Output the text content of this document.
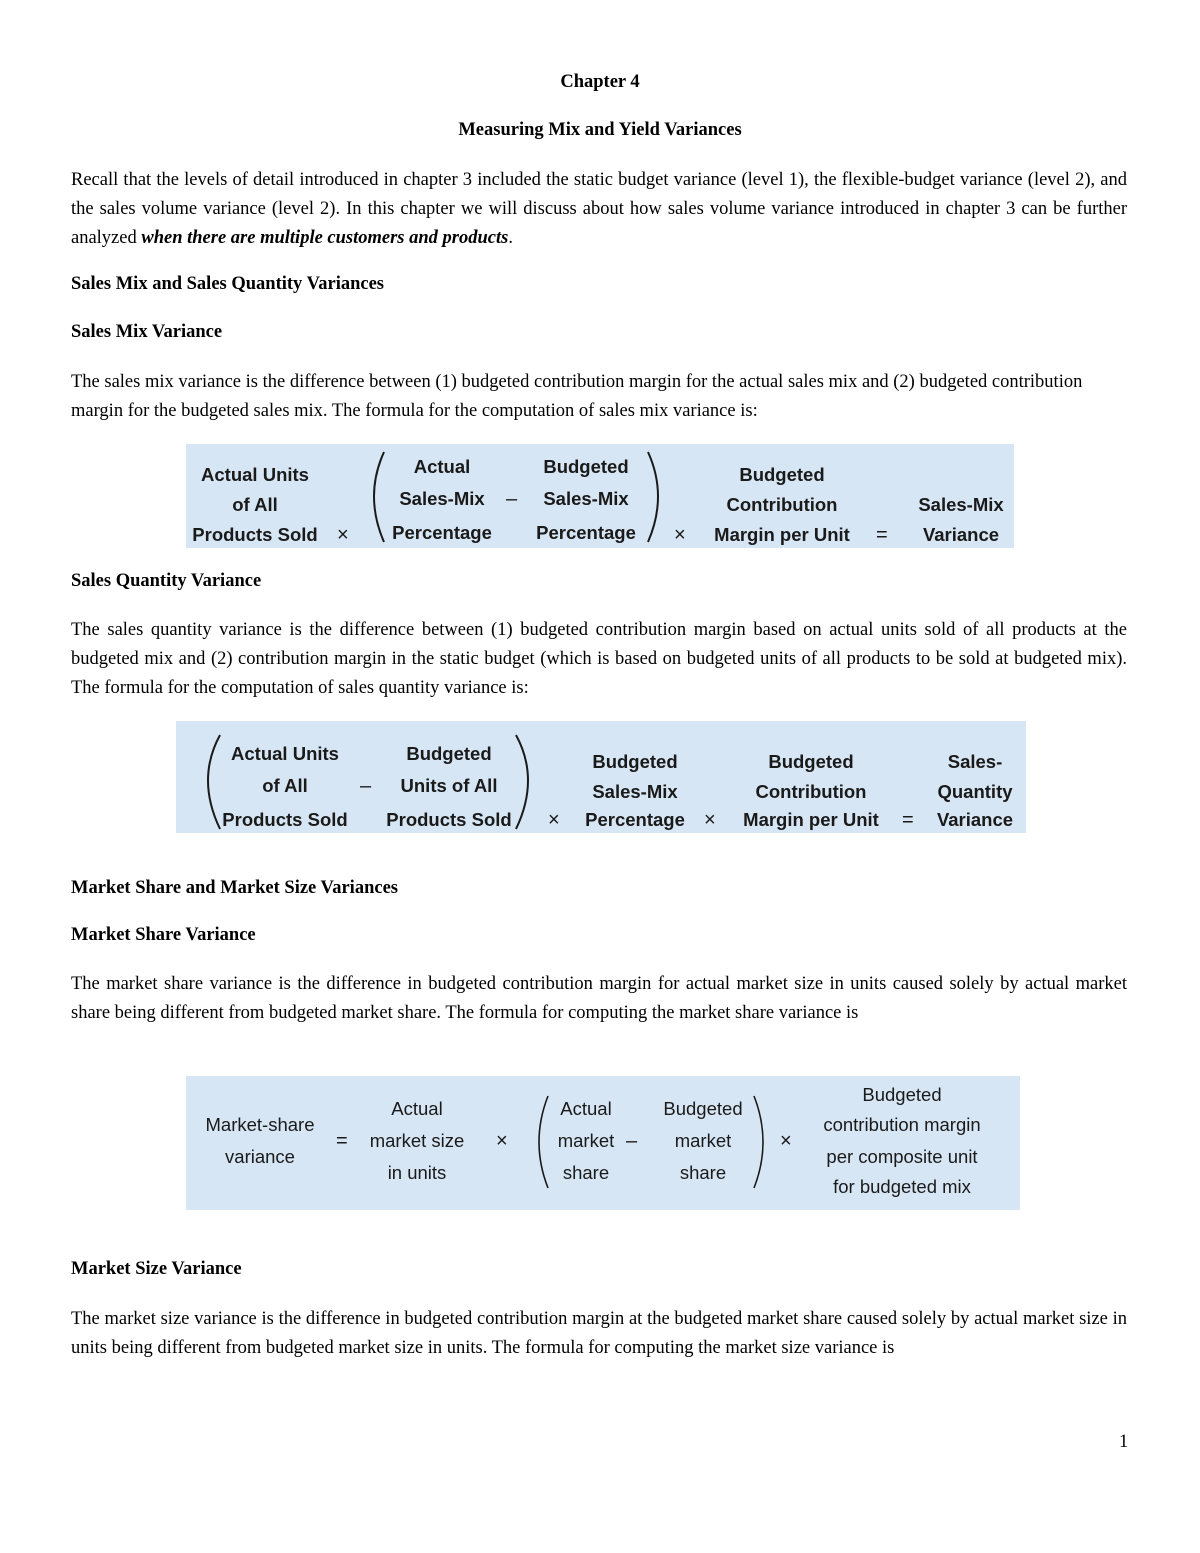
Chapter 4
Measuring Mix and Yield Variances
Recall that the levels of detail introduced in chapter 3 included the static budget variance (level 1), the flexible-budget variance (level 2), and the sales volume variance (level 2). In this chapter we will discuss about how sales volume variance introduced in chapter 3 can be further analyzed when there are multiple customers and products.
Sales Mix and Sales Quantity Variances
Sales Mix Variance
The sales mix variance is the difference between (1) budgeted contribution margin for the actual sales mix and (2) budgeted contribution margin for the budgeted sales mix. The formula for the computation of sales mix variance is:
Actual Units
of All
Products Sold ×
Actual
Sales-Mix
Percentage
–
Budgeted
Sales-Mix
Percentage	×
Budgeted
Contribution
Margin per Unit	=
Sales-Mix
Variance
Sales Quantity Variance
The sales quantity variance is the difference between (1) budgeted contribution margin based on actual units sold of all products at the budgeted mix and (2) contribution margin in the static budget (which is based on budgeted units of all products to be sold at budgeted mix). The formula for the computation of sales quantity variance is:
Actual Units
of All
Products Sold
–
Budgeted
Units of All
Products Sold ×
Budgeted
Sales-Mix
Percentage ×
Budgeted
Contribution
Margin per Unit	=
Sales-
Quantity
Variance
Market Share and Market Size Variances
Market Share Variance
The market share variance is the difference in budgeted contribution margin for actual market size in units caused solely by actual market share being different from budgeted market share. The formula for computing the market share variance is
Market-share
variance
=
Actual
market size
in units
×
Actual
market
share
–
Budgeted
market
share
×
Budgeted
contribution margin
per composite unit
for budgeted mix
Market Size Variance
The market size variance is the difference in budgeted contribution margin at the budgeted market share caused solely by actual market size in units being different from budgeted market size in units. The formula for computing the market size variance is
1
